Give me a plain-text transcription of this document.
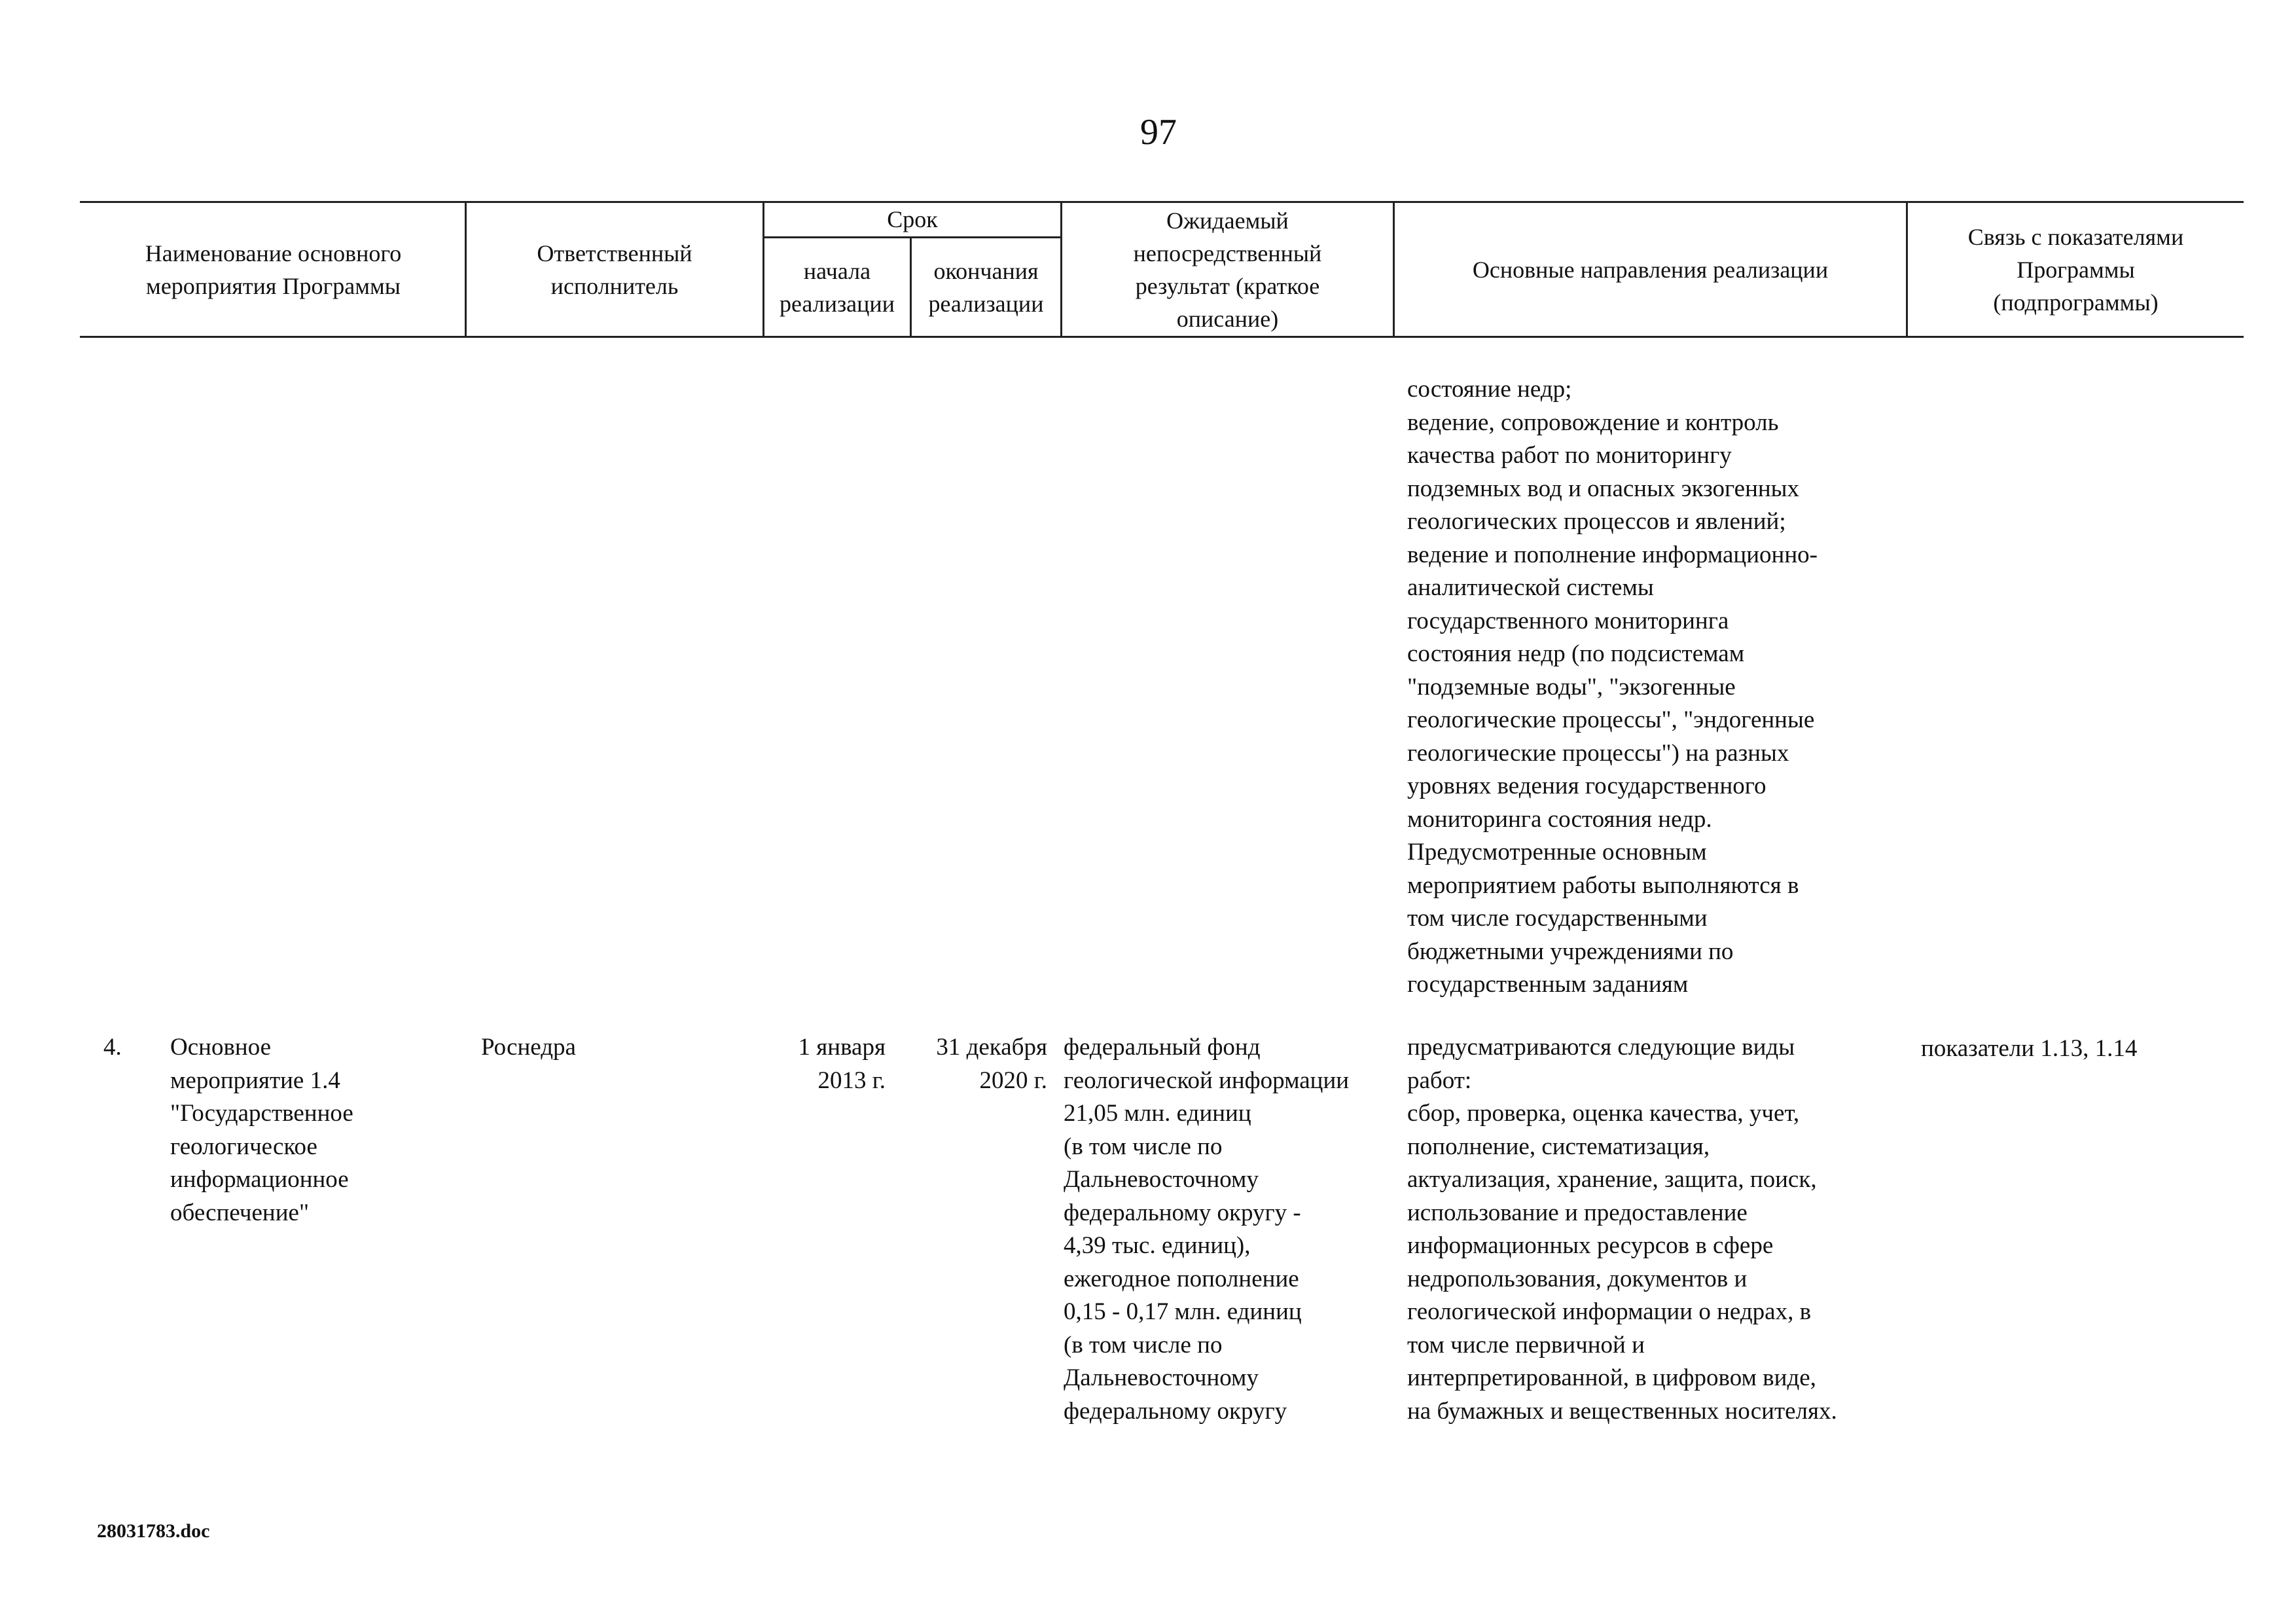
97
Наименование основного
мероприятия Программы
Ответственный
исполнитель
Срок
начала
реализации
окончания
реализации
Ожидаемый
непосредственный
результат (краткое
описание)
Основные направления реализации
Связь с показателями
Программы
(подпрограммы)
состояние недр;
ведение, сопровождение и контроль
качества работ по мониторингу
подземных вод и опасных экзогенных
геологических процессов и явлений;
ведение и пополнение информационно-
аналитической системы
государственного мониторинга
состояния недр (по подсистемам
"подземные воды", "экзогенные
геологические процессы", "эндогенные
геологические процессы") на разных
уровнях ведения государственного
мониторинга состояния недр.
Предусмотренные основным
мероприятием работы выполняются в
том числе государственными
бюджетными учреждениями по
государственным заданиям
4. Основное
мероприятие 1.4
"Государственное
геологическое
информационное
обеспечение"
Роснедра	1 января
2013 г.
31 декабря
2020 г.
федеральный фонд
геологической информации
21,05 млн. единиц
(в том числе по
Дальневосточному
федеральному округу -
4,39 тыс. единиц),
ежегодное пополнение
0,15 - 0,17 млн. единиц
(в том числе по
Дальневосточному
федеральному округу
предусматриваются следующие виды
работ:
сбор, проверка, оценка качества, учет,
пополнение, систематизация,
актуализация, хранение, защита, поиск,
использование и предоставление
информационных ресурсов в сфере
недропользования, документов и
геологической информации о недрах, в
том числе первичной и
интерпретированной, в цифровом виде,
на бумажных и вещественных носителях.
показатели 1.13, 1.14
28031783.doc
